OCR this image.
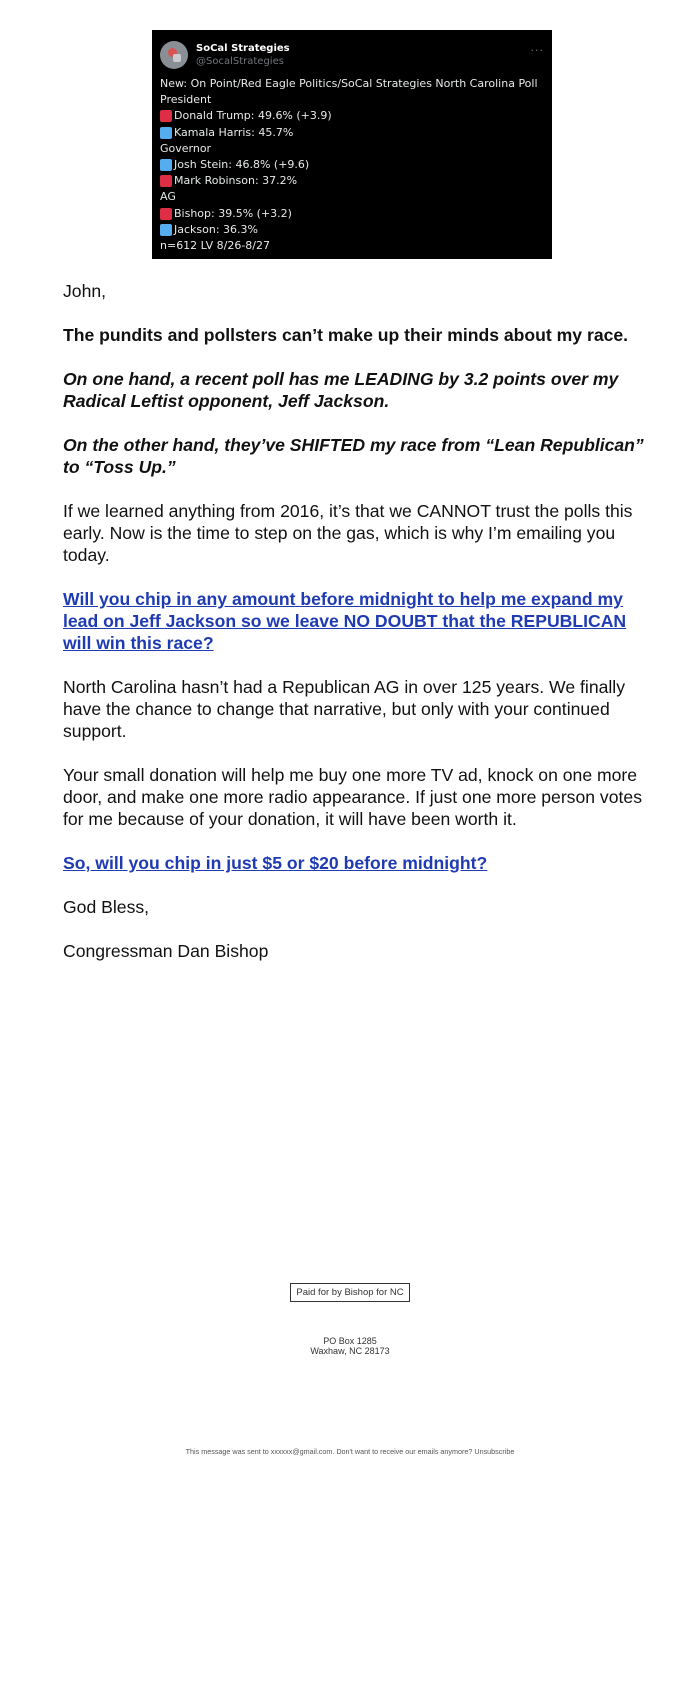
SoCal Strategies
@SocalStrategies
···
New: On Point/Red Eagle Politics/SoCal Strategies North Carolina Poll
President
Donald Trump: 49.6% (+3.9)
Kamala Harris: 45.7%
Governor
Josh Stein: 46.8% (+9.6)
Mark Robinson: 37.2%
AG
Bishop: 39.5% (+3.2)
Jackson: 36.3%
n=612 LV 8/26-8/27

John,

The pundits and pollsters can’t make up their minds about my race.

On one hand, a recent poll has me LEADING by 3.2 points over my Radical Leftist opponent, Jeff Jackson.

On the other hand, they’ve SHIFTED my race from “Lean Republican” to “Toss Up.”

If we learned anything from 2016, it’s that we CANNOT trust the polls this early. Now is the time to step on the gas, which is why I’m emailing you today.

Will you chip in any amount before midnight to help me expand my lead on Jeff Jackson so we leave NO DOUBT that the REPUBLICAN will win this race?

North Carolina hasn’t had a Republican AG in over 125 years. We finally have the chance to change that narrative, but only with your continued support.

Your small donation will help me buy one more TV ad, knock on one more door, and make one more radio appearance. If just one more person votes for me because of your donation, it will have been worth it.

So, will you chip in just $5 or $20 before midnight?

God Bless,

Congressman Dan Bishop

Paid for by Bishop for NC
PO Box 1285
Waxhaw, NC 28173
This message was sent to xxxxxx@gmail.com. Don't want to receive our emails anymore? Unsubscribe
